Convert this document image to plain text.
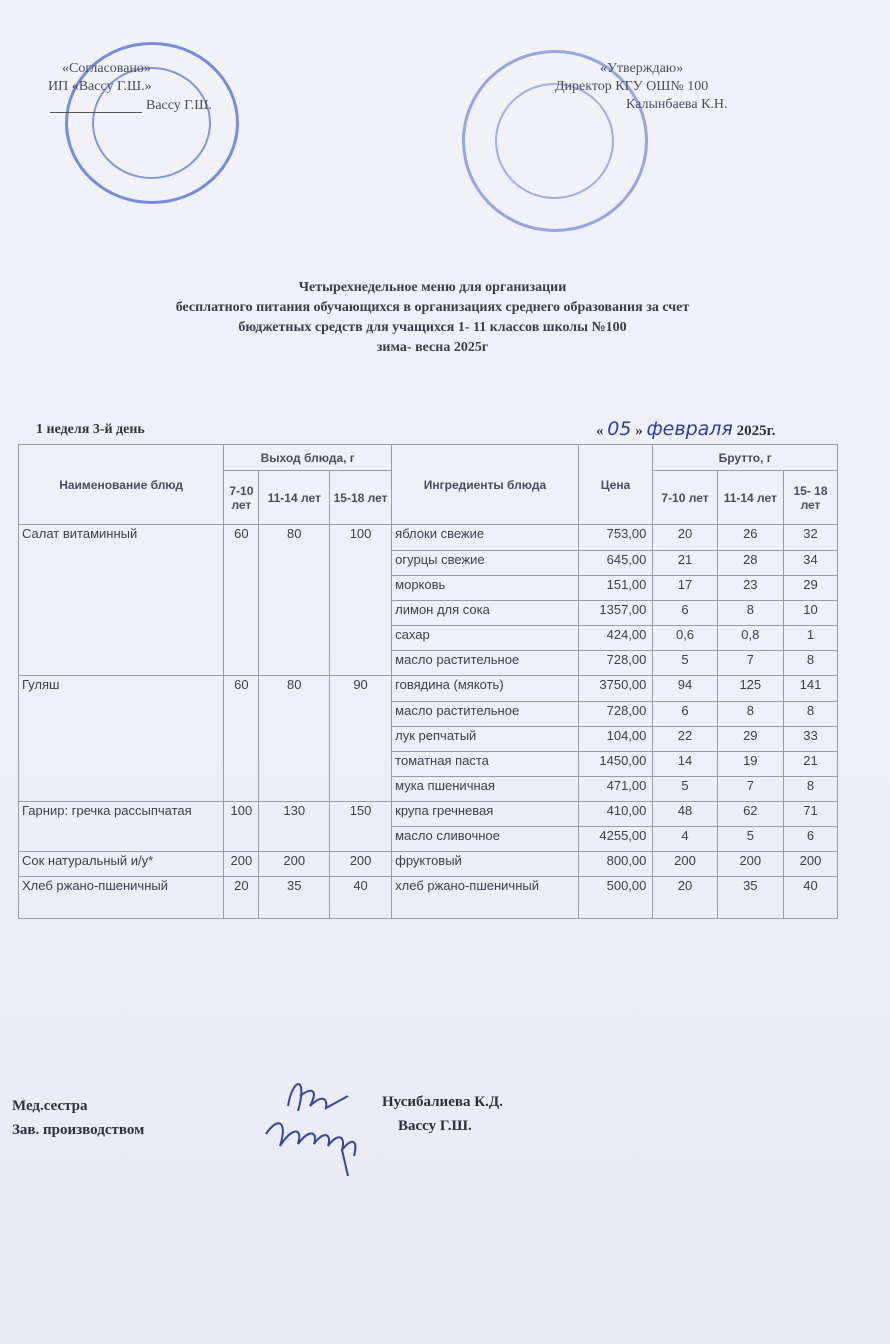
«Согласовано»
ИП «Вассу Г.Ш.»
Вассу Г.Ш.
«Утверждаю»
Директор КГУ ОШ№ 100
Калынбаева К.Н.
Четырехнедельное меню для организации
бесплатного питания обучающихся в организациях среднего образования за счет
бюджетных средств для учащихся 1- 11 классов школы №100
зима- весна 2025г
1 неделя 3-й день	« 05 » февраля 2025г.
Наименование блюд	Выход блюда, г			Ингредиенты блюда	Цена	Брутто, г		
	7-10 лет	11-14 лет	15-18 лет			7-10 лет	11-14 лет	15- 18 лет
Салат витаминный	60	80	100	яблоки свежие	753,00	20	26	32
				огурцы свежие	645,00	21	28	34
				морковь	151,00	17	23	29
				лимон для сока	1357,00	6	8	10
				сахар	424,00	0,6	0,8	1
				масло растительное	728,00	5	7	8
Гуляш	60	80	90	говядина (мякоть)	3750,00	94	125	141
				масло растительное	728,00	6	8	8
				лук репчатый	104,00	22	29	33
				томатная паста	1450,00	14	19	21
				мука пшеничная	471,00	5	7	8
Гарнир: гречка рассыпчатая	100	130	150	крупа гречневая	410,00	48	62	71
				масло сливочное	4255,00	4	5	6
Сок натуральный и/у*	200	200	200	фруктовый	800,00	200	200	200
Хлеб ржано-пшеничный	20	35	40	хлеб ржано-пшеничный	500,00	20	35	40
Мед.сестра	Нусибалиева К.Д.
Зав. производством	Вассу Г.Ш.
